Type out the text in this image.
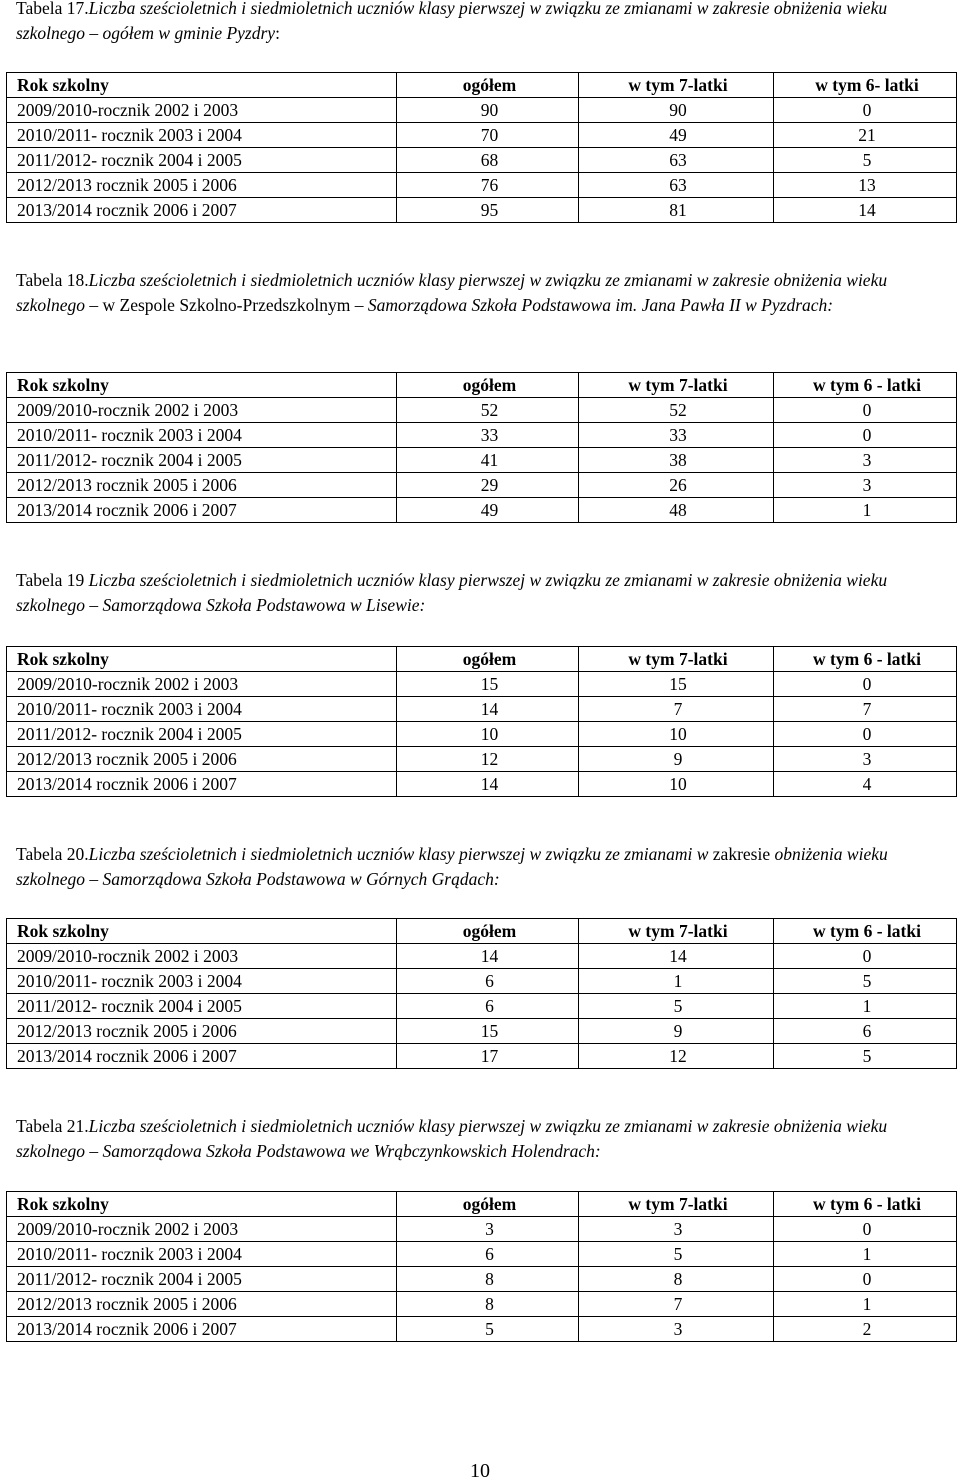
Tabela 17.Liczba sześcioletnich i siedmioletnich uczniów klasy pierwszej w związku ze zmianami w zakresie obniżenia wieku szkolnego – ogółem w gminie Pyzdry:

Rok szkolny	ogółem	w tym 7-latki	w tym 6- latki
2009/2010-rocznik 2002 i 2003	90	90	0
2010/2011- rocznik 2003 i 2004	70	49	21
2011/2012- rocznik 2004 i 2005	68	63	5
2012/2013 rocznik 2005 i 2006	76	63	13
2013/2014 rocznik 2006 i 2007	95	81	14

Tabela 18.Liczba sześcioletnich i siedmioletnich uczniów klasy pierwszej w związku ze zmianami w zakresie obniżenia wieku szkolnego – w Zespole Szkolno-Przedszkolnym – Samorządowa Szkoła Podstawowa im. Jana Pawła II w Pyzdrach:

Rok szkolny	ogółem	w tym 7-latki	w tym 6 - latki
2009/2010-rocznik 2002 i 2003	52	52	0
2010/2011- rocznik 2003 i 2004	33	33	0
2011/2012- rocznik 2004 i 2005	41	38	3
2012/2013 rocznik 2005 i 2006	29	26	3
2013/2014 rocznik 2006 i 2007	49	48	1

Tabela 19 Liczba sześcioletnich i siedmioletnich uczniów klasy pierwszej w związku ze zmianami w zakresie obniżenia wieku szkolnego – Samorządowa Szkoła Podstawowa w Lisewie:

Rok szkolny	ogółem	w tym 7-latki	w tym 6 - latki
2009/2010-rocznik 2002 i 2003	15	15	0
2010/2011- rocznik 2003 i 2004	14	7	7
2011/2012- rocznik 2004 i 2005	10	10	0
2012/2013 rocznik 2005 i 2006	12	9	3
2013/2014 rocznik 2006 i 2007	14	10	4

Tabela 20.Liczba sześcioletnich i siedmioletnich uczniów klasy pierwszej w związku ze zmianami w zakresie obniżenia wieku szkolnego – Samorządowa Szkoła Podstawowa w Górnych Grądach:

Rok szkolny	ogółem	w tym 7-latki	w tym 6 - latki
2009/2010-rocznik 2002 i 2003	14	14	0
2010/2011- rocznik 2003 i 2004	6	1	5
2011/2012- rocznik 2004 i 2005	6	5	1
2012/2013 rocznik 2005 i 2006	15	9	6
2013/2014 rocznik 2006 i 2007	17	12	5

Tabela 21.Liczba sześcioletnich i siedmioletnich uczniów klasy pierwszej w związku ze zmianami w zakresie obniżenia wieku szkolnego – Samorządowa Szkoła Podstawowa we Wrąbczynkowskich Holendrach:

Rok szkolny	ogółem	w tym 7-latki	w tym 6 - latki
2009/2010-rocznik 2002 i 2003	3	3	0
2010/2011- rocznik 2003 i 2004	6	5	1
2011/2012- rocznik 2004 i 2005	8	8	0
2012/2013 rocznik 2005 i 2006	8	7	1
2013/2014 rocznik 2006 i 2007	5	3	2
10
